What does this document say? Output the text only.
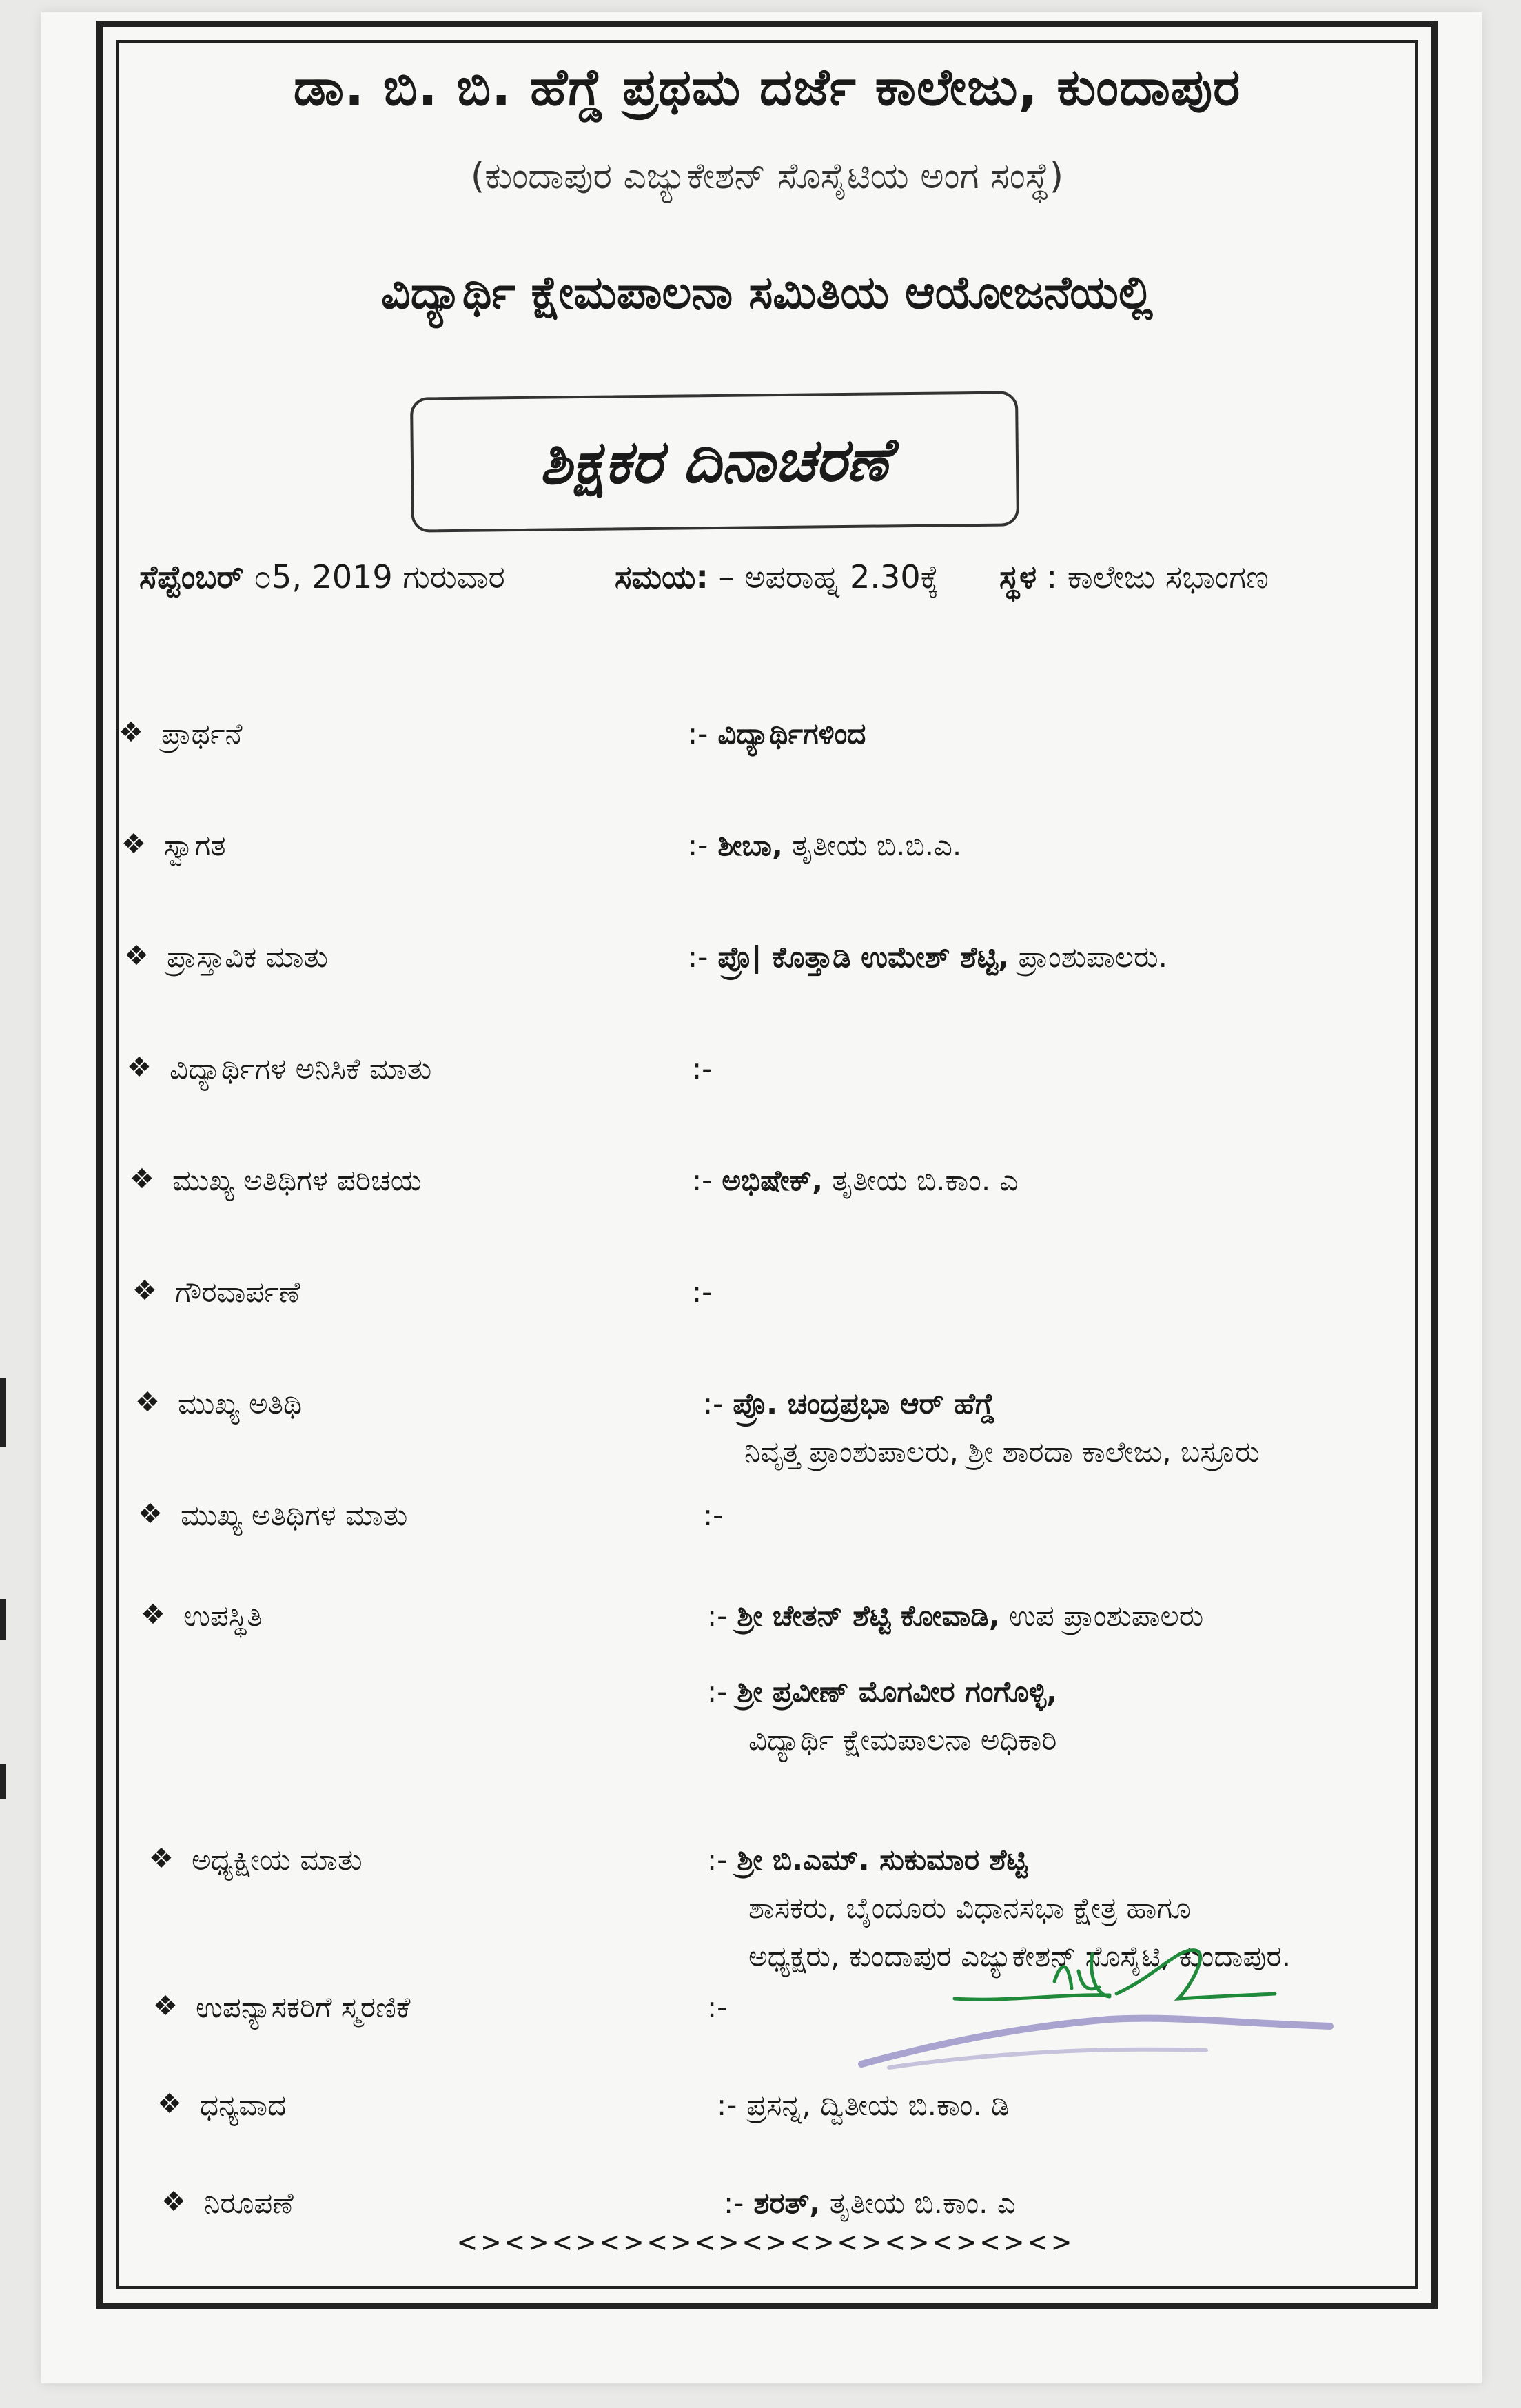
ಡಾ. ಬಿ. ಬಿ. ಹೆಗ್ಡೆ ಪ್ರಥಮ ದರ್ಜೆ ಕಾಲೇಜು, ಕುಂದಾಪುರ
(ಕುಂದಾಪುರ ಎಜ್ಯುಕೇಶನ್ ಸೊಸೈಟಿಯ ಅಂಗ ಸಂಸ್ಥೆ)
ವಿದ್ಯಾರ್ಥಿ ಕ್ಷೇಮಪಾಲನಾ ಸಮಿತಿಯ ಆಯೋಜನೆಯಲ್ಲಿ
ಶಿಕ್ಷಕರ ದಿನಾಚರಣೆ
ಸೆಪ್ಟೆಂಬರ್ ೦5, 2019 ಗುರುವಾರ	ಸಮಯ: – ಅಪರಾಹ್ನ 2.30ಕ್ಕೆ ಸ್ಥಳ : ಕಾಲೇಜು ಸಭಾಂಗಣ
❖ ಪ್ರಾರ್ಥನೆ	:- ವಿದ್ಯಾರ್ಥಿಗಳಿಂದ
❖ ಸ್ವಾಗತ	:- ಶೀಬಾ, ತೃತೀಯ ಬಿ.ಬಿ.ಎ.
❖ ಪ್ರಾಸ್ತಾವಿಕ ಮಾತು	:- ಪ್ರೊ| ಕೊತ್ತಾಡಿ ಉಮೇಶ್ ಶೆಟ್ಟಿ, ಪ್ರಾಂಶುಪಾಲರು.
❖ ವಿದ್ಯಾರ್ಥಿಗಳ ಅನಿಸಿಕೆ ಮಾತು	:-
❖ ಮುಖ್ಯ ಅತಿಥಿಗಳ ಪರಿಚಯ	:- ಅಭಿಷೇಕ್, ತೃತೀಯ ಬಿ.ಕಾಂ. ಎ
❖ ಗೌರವಾರ್ಪಣೆ	:-
❖ ಮುಖ್ಯ ಅತಿಥಿ	:- ಪ್ರೊ. ಚಂದ್ರಪ್ರಭಾ ಆರ್ ಹೆಗ್ಡೆ
ನಿವೃತ್ತ ಪ್ರಾಂಶುಪಾಲರು, ಶ್ರೀ ಶಾರದಾ ಕಾಲೇಜು, ಬಸ್ರೂರು
❖ ಮುಖ್ಯ ಅತಿಥಿಗಳ ಮಾತು	:-
❖ ಉಪಸ್ಥಿತಿ	:- ಶ್ರೀ ಚೇತನ್ ಶೆಟ್ಟಿ ಕೋವಾಡಿ, ಉಪ ಪ್ರಾಂಶುಪಾಲರು
:- ಶ್ರೀ ಪ್ರವೀಣ್ ಮೊಗವೀರ ಗಂಗೊಳ್ಳಿ,
ವಿದ್ಯಾರ್ಥಿ ಕ್ಷೇಮಪಾಲನಾ ಅಧಿಕಾರಿ
❖ ಅಧ್ಯಕ್ಷೀಯ ಮಾತು	:- ಶ್ರೀ ಬಿ.ಎಮ್. ಸುಕುಮಾರ ಶೆಟ್ಟಿ
ಶಾಸಕರು, ಬೈಂದೂರು ವಿಧಾನಸಭಾ ಕ್ಷೇತ್ರ ಹಾಗೂ
ಅಧ್ಯಕ್ಷರು, ಕುಂದಾಪುರ ಎಜ್ಯುಕೇಶನ್ ಸೊಸೈಟಿ, ಕುಂದಾಪುರ.
❖ ಉಪನ್ಯಾಸಕರಿಗೆ ಸ್ಮರಣಿಕೆ	:-
❖ ಧನ್ಯವಾದ	:- ಪ್ರಸನ್ನ, ದ್ವಿತೀಯ ಬಿ.ಕಾಂ. ಡಿ
❖ ನಿರೂಪಣೆ	:- ಶರತ್, ತೃತೀಯ ಬಿ.ಕಾಂ. ಎ
<><><><><><><><><><><><><>
